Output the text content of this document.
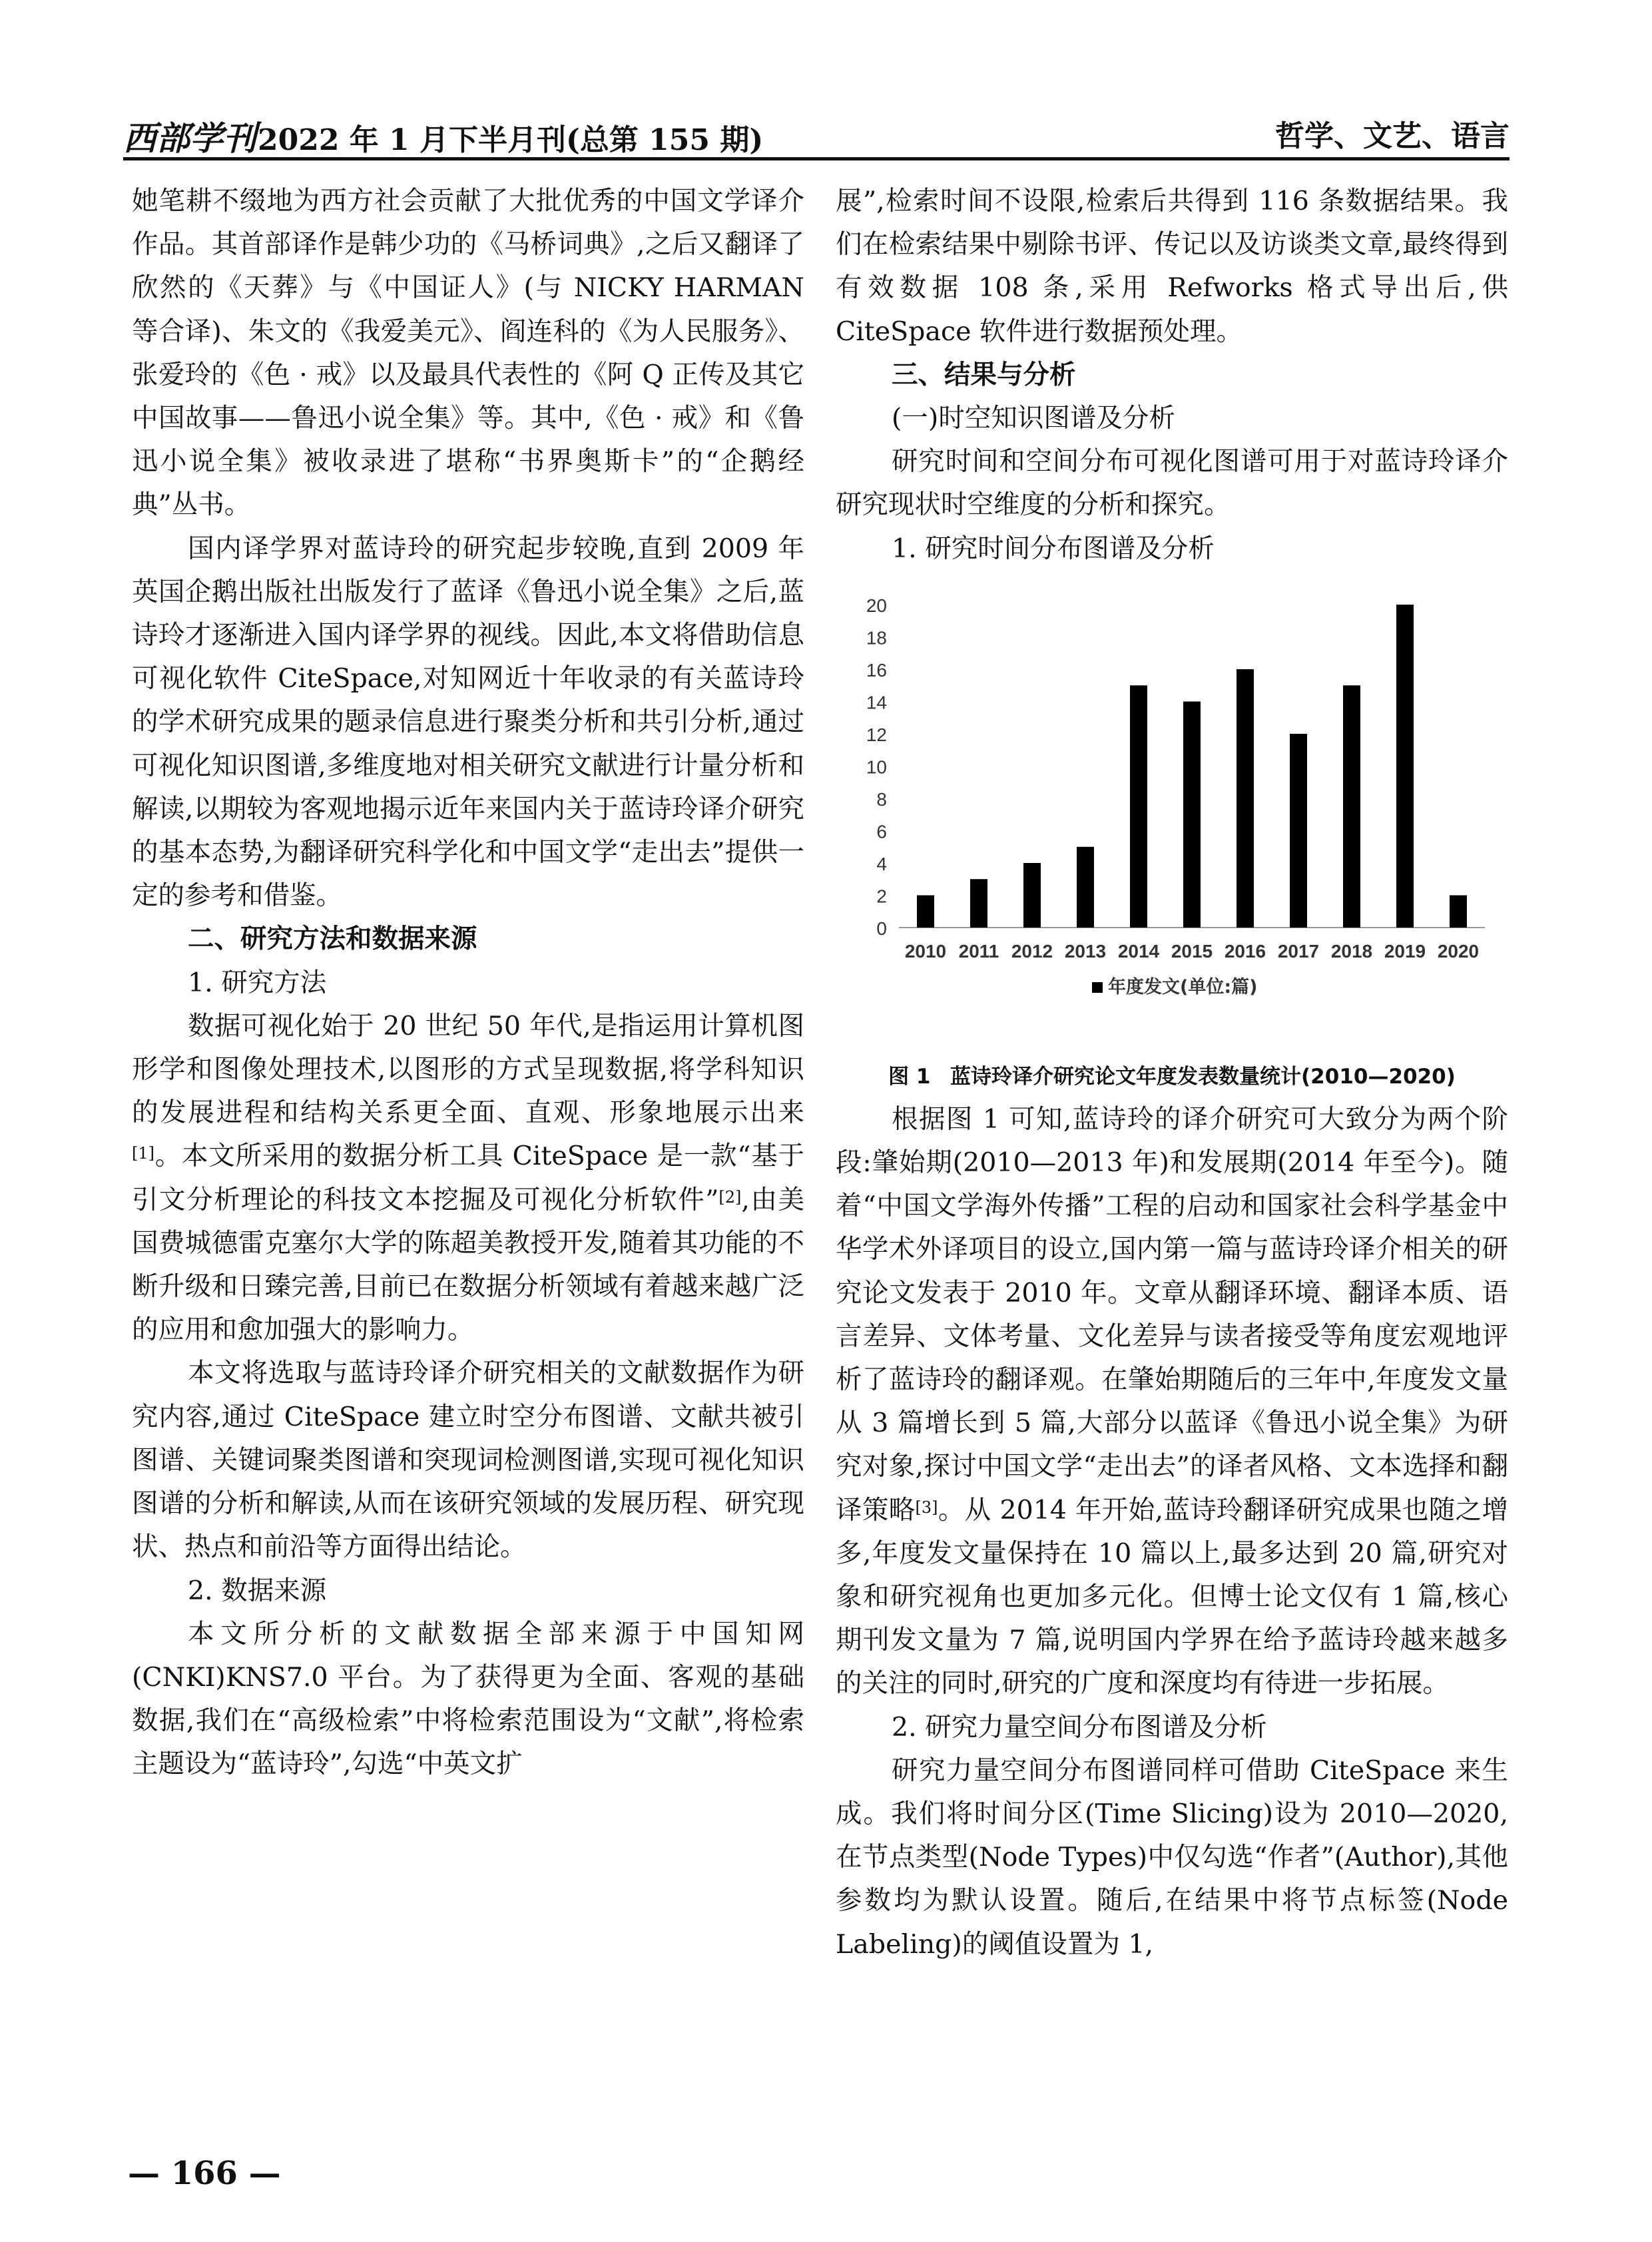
西部学刊2022 年 1 月下半月刊(总第 155 期)	哲学、文艺、语言

她笔耕不缀地为西方社会贡献了大批优秀的中国文学译介作品。其首部译作是韩少功的《马桥词典》,之后又翻译了欣然的《天葬》与《中国证人》(与 NICKY HARMAN 等合译)、朱文的《我爱美元》、阎连科的《为人民服务》、张爱玲的《色 · 戒》以及最具代表性的《阿 Q 正传及其它中国故事——鲁迅小说全集》等。其中,《色 · 戒》和《鲁迅小说全集》被收录进了堪称“书界奥斯卡”的“企鹅经典”丛书。

国内译学界对蓝诗玲的研究起步较晚,直到 2009 年英国企鹅出版社出版发行了蓝译《鲁迅小说全集》之后,蓝诗玲才逐渐进入国内译学界的视线。因此,本文将借助信息可视化软件 CiteSpace,对知网近十年收录的有关蓝诗玲的学术研究成果的题录信息进行聚类分析和共引分析,通过可视化知识图谱,多维度地对相关研究文献进行计量分析和解读,以期较为客观地揭示近年来国内关于蓝诗玲译介研究的基本态势,为翻译研究科学化和中国文学“走出去”提供一定的参考和借鉴。

二、研究方法和数据来源

1. 研究方法

数据可视化始于 20 世纪 50 年代,是指运用计算机图形学和图像处理技术,以图形的方式呈现数据,将学科知识的发展进程和结构关系更全面、直观、形象地展示出来[1]。本文所采用的数据分析工具 CiteSpace 是一款“基于引文分析理论的科技文本挖掘及可视化分析软件”[2],由美国费城德雷克塞尔大学的陈超美教授开发,随着其功能的不断升级和日臻完善,目前已在数据分析领域有着越来越广泛的应用和愈加强大的影响力。

本文将选取与蓝诗玲译介研究相关的文献数据作为研究内容,通过 CiteSpace 建立时空分布图谱、文献共被引图谱、关键词聚类图谱和突现词检测图谱,实现可视化知识图谱的分析和解读,从而在该研究领域的发展历程、研究现状、热点和前沿等方面得出结论。

2. 数据来源

本文所分析的文献数据全部来源于中国知网(CNKI)KNS7.0 平台。为了获得更为全面、客观的基础数据,我们在“高级检索”中将检索范围设为“文献”,将检索主题设为“蓝诗玲”,勾选“中英文扩

展”,检索时间不设限,检索后共得到 116 条数据结果。我们在检索结果中剔除书评、传记以及访谈类文章,最终得到有效数据 108 条,采用 Refworks 格式导出后,供 CiteSpace 软件进行数据预处理。

三、结果与分析

(一)时空知识图谱及分析

研究时间和空间分布可视化图谱可用于对蓝诗玲译介研究现状时空维度的分析和探究。

1. 研究时间分布图谱及分析

0
2
4
6
8
10
12
14
16
18
20
2010 2011 2012 2013 2014 2015 2016 2017 2018 2019 2020
年度发文(单位:篇)
图 1 蓝诗玲译介研究论文年度发表数量统计(2010—2020)

根据图 1 可知,蓝诗玲的译介研究可大致分为两个阶段:肇始期(2010—2013 年)和发展期(2014 年至今)。随着“中国文学海外传播”工程的启动和国家社会科学基金中华学术外译项目的设立,国内第一篇与蓝诗玲译介相关的研究论文发表于 2010 年。文章从翻译环境、翻译本质、语言差异、文体考量、文化差异与读者接受等角度宏观地评析了蓝诗玲的翻译观。在肇始期随后的三年中,年度发文量从 3 篇增长到 5 篇,大部分以蓝译《鲁迅小说全集》为研究对象,探讨中国文学“走出去”的译者风格、文本选择和翻译策略[3]。从 2014 年开始,蓝诗玲翻译研究成果也随之增多,年度发文量保持在 10 篇以上,最多达到 20 篇,研究对象和研究视角也更加多元化。但博士论文仅有 1 篇,核心期刊发文量为 7 篇,说明国内学界在给予蓝诗玲越来越多的关注的同时,研究的广度和深度均有待进一步拓展。

2. 研究力量空间分布图谱及分析

研究力量空间分布图谱同样可借助 CiteSpace 来生成。我们将时间分区(Time Slicing)设为 2010—2020,在节点类型(Node Types)中仅勾选“作者”(Author),其他参数均为默认设置。随后,在结果中将节点标签(Node Labeling)的阈值设置为 1,

— 166 —
